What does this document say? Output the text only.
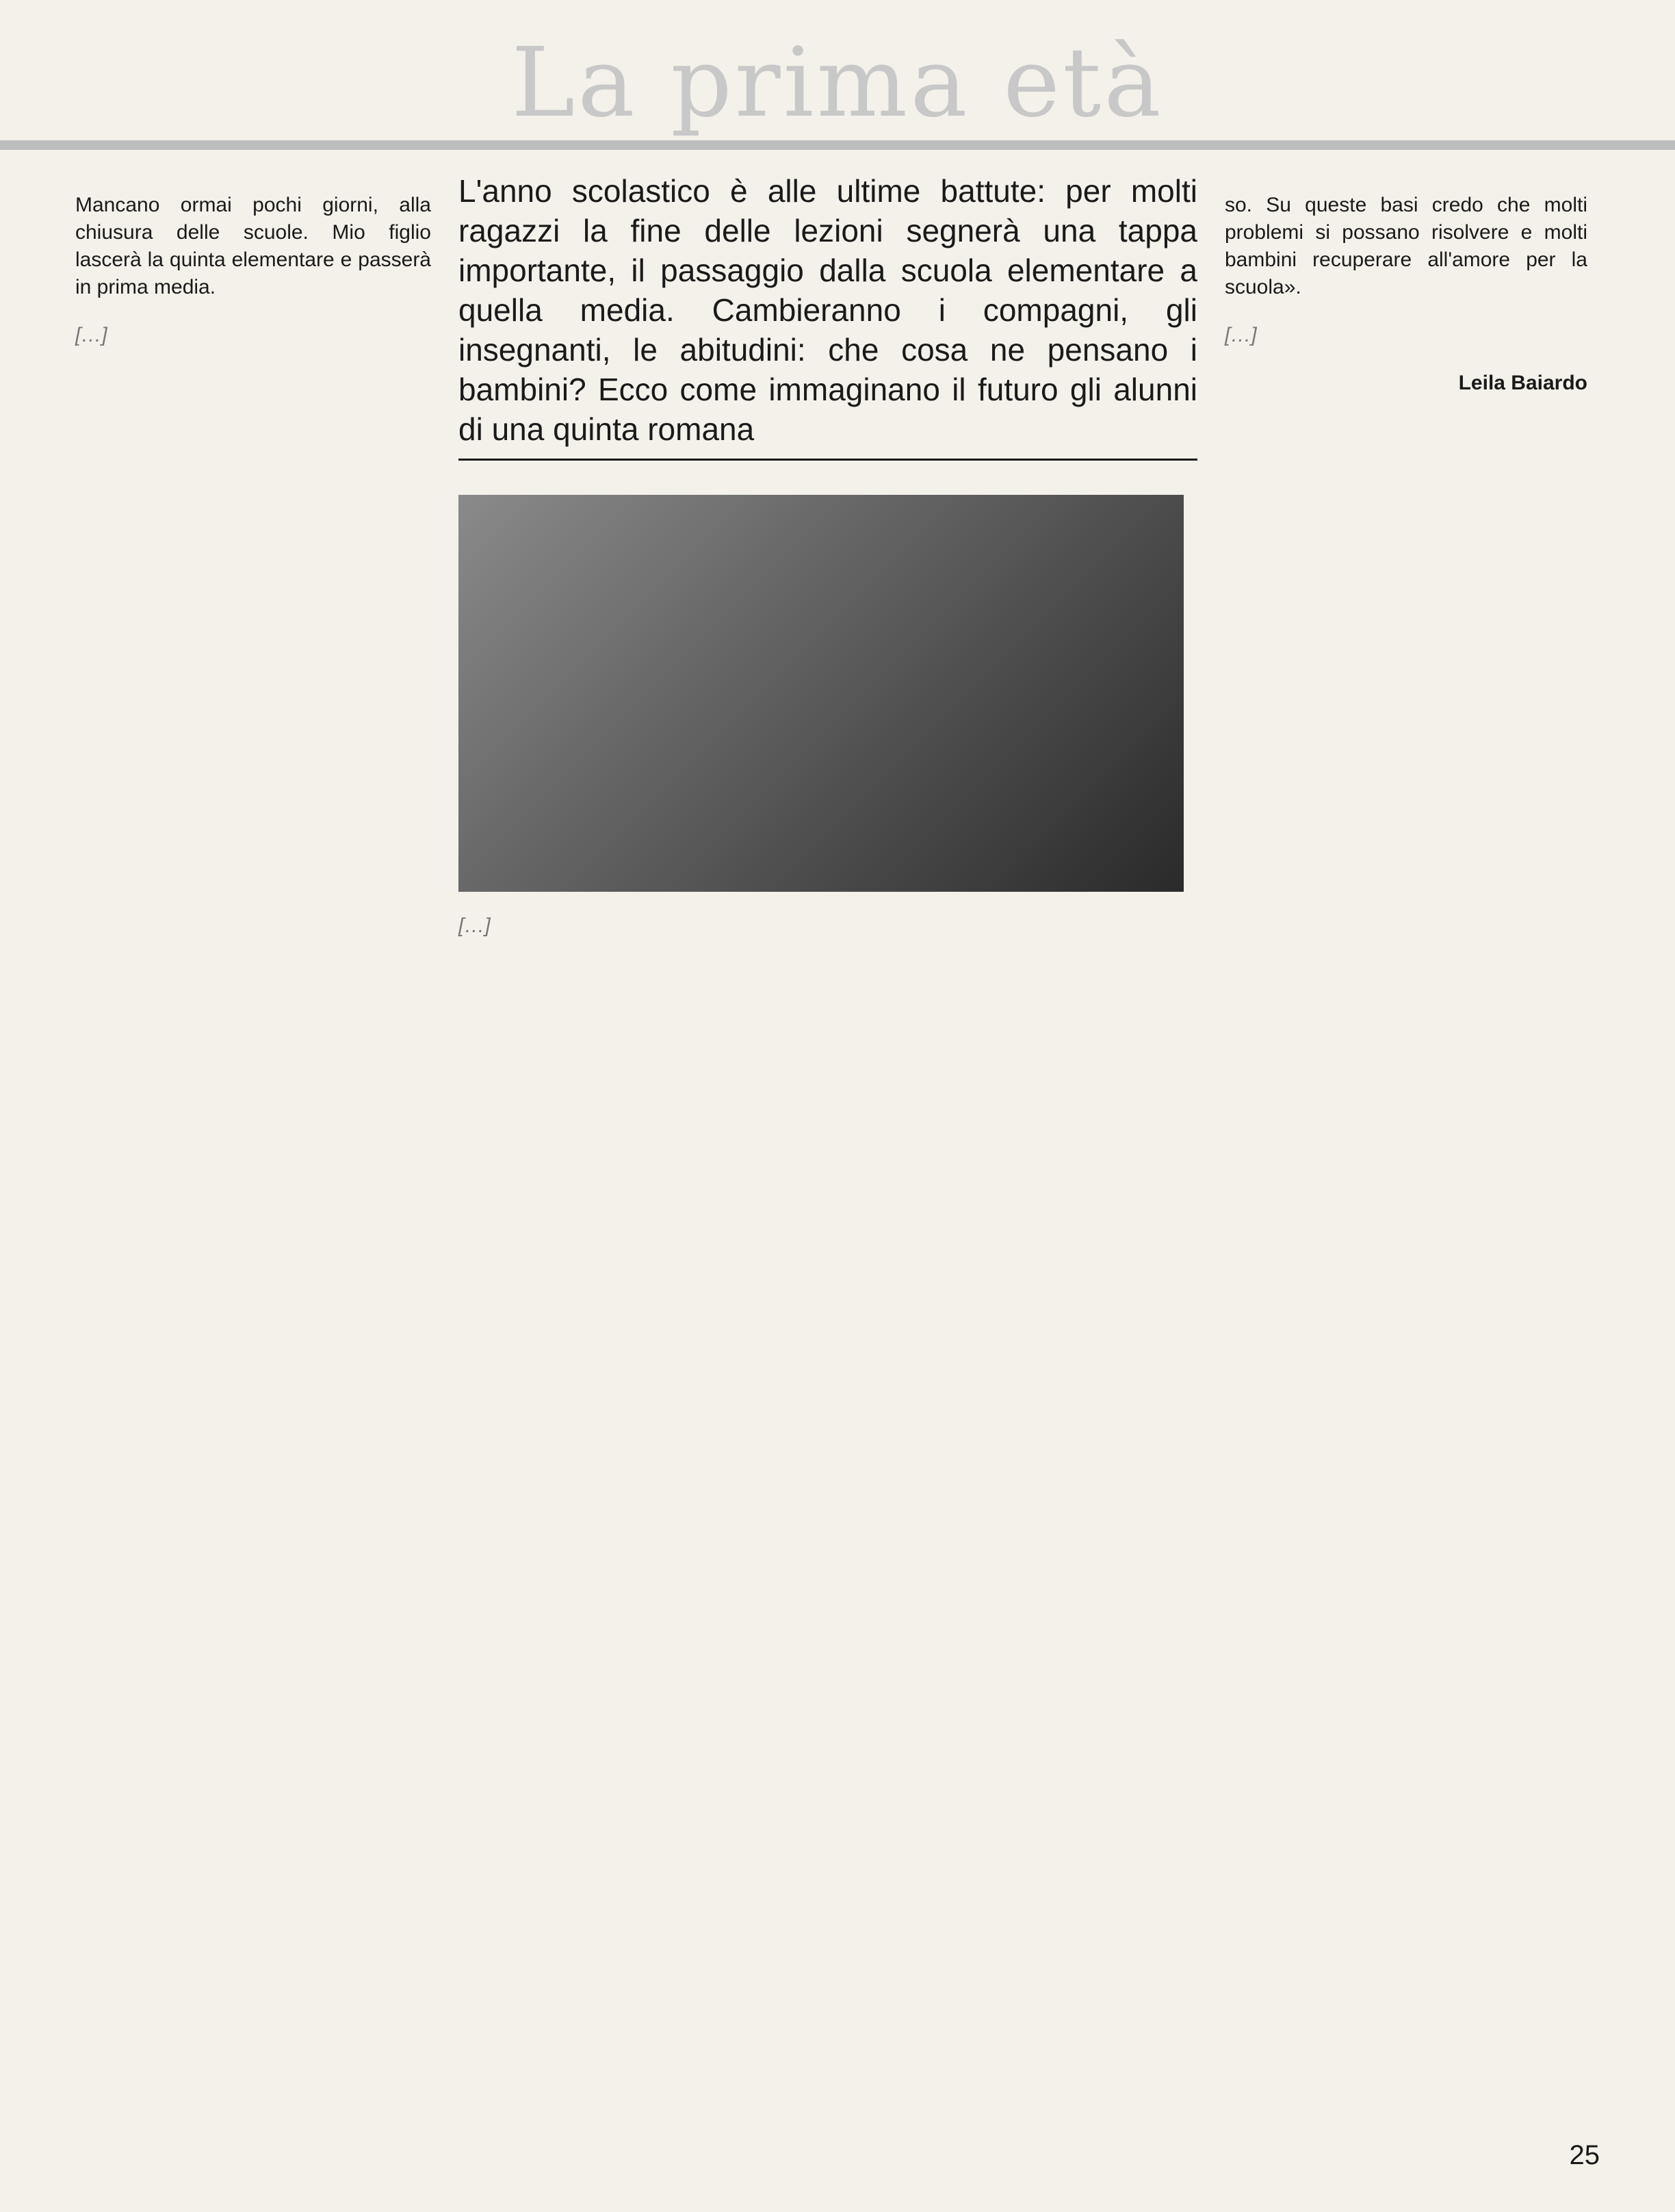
La prima età

Mancano ormai pochi giorni, alla chiusura delle scuole. Mio figlio lascerà la quinta elementare e passerà in prima media.

[…]

L'anno scolastico è alle ultime battute: per molti ragazzi la fine delle lezioni segnerà una tappa importante, il passaggio dalla scuola elementare a quella media. Cambieranno i compagni, gli insegnanti, le abitudini: che cosa ne pensano i bambini? Ecco come immaginano il futuro gli alunni di una quinta romana

[…]

so. Su queste basi credo che molti problemi si possano risolvere e molti bambini recuperare all'amore per la scuola».

[…]

Leila Baiardo
25
